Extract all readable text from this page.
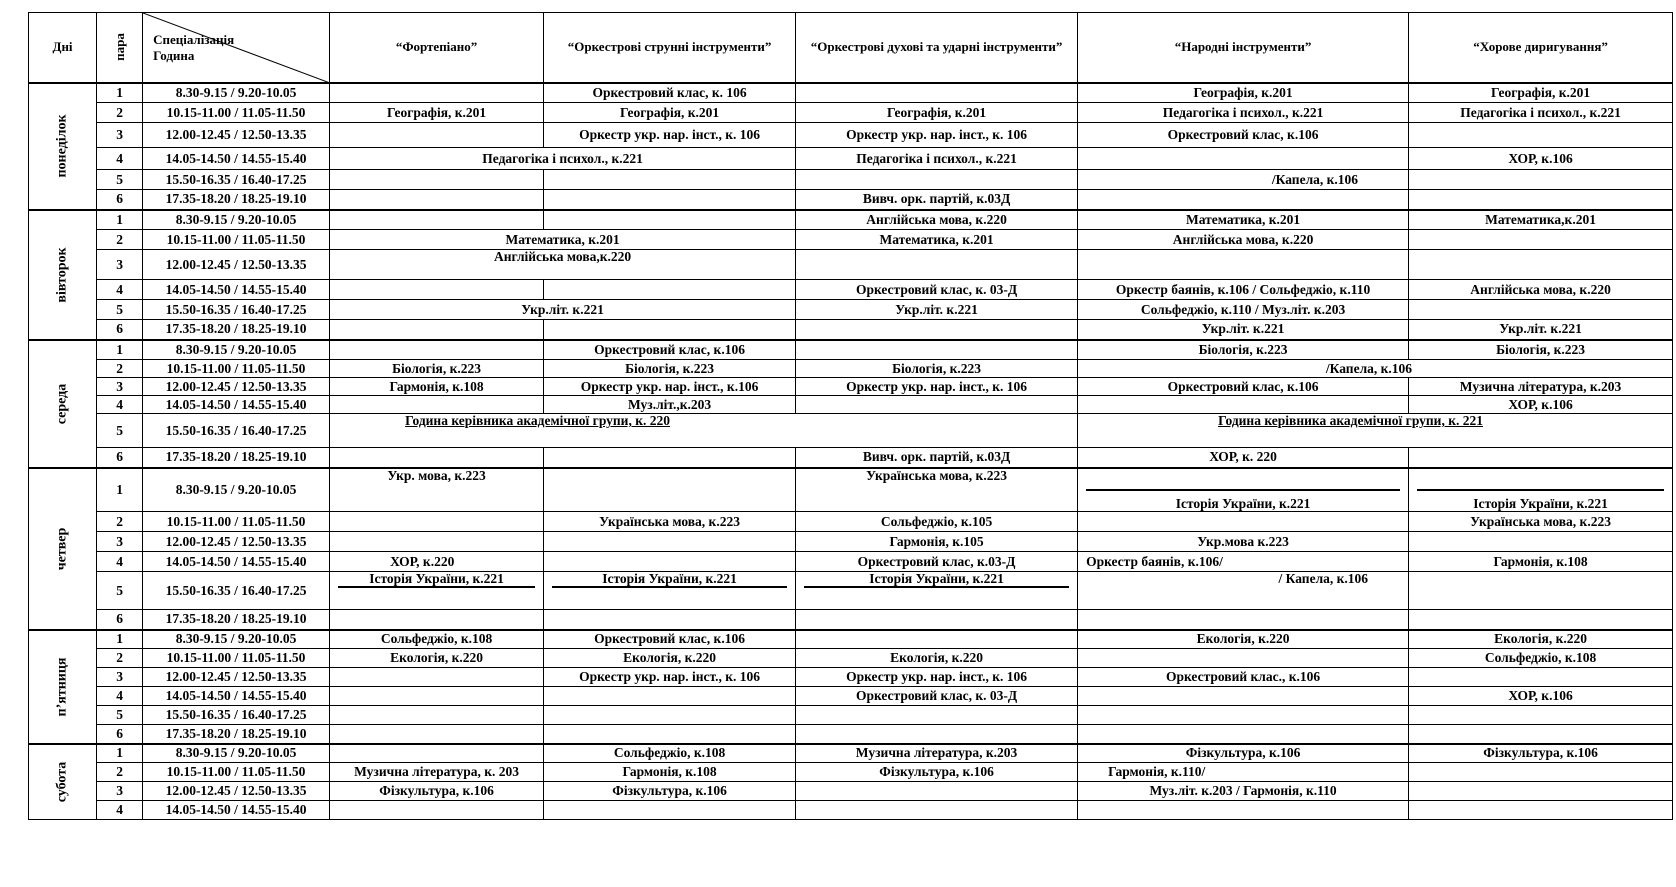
Дні	пара	Спеціалізація
Година	“Фортепіано”	“Оркестрові струнні інструменти”	“Оркестрові духові та ударні інструменти”	“Народні інструменти”	“Хорове диригування”
понеділок	1	8.30-9.15 / 9.20-10.05		Оркестровий клас, к. 106		Географія, к.201	Географія, к.201
	2	10.15-11.00 / 11.05-11.50	Географія, к.201	Географія, к.201	Географія, к.201	Педагогіка і психол., к.221	Педагогіка і психол., к.221
	3	12.00-12.45 / 12.50-13.35		Оркестр укр. нар. інст., к. 106	Оркестр укр. нар. інст., к. 106	Оркестровий клас, к.106	
	4	14.05-14.50 / 14.55-15.40	Педагогіка і психол., к.221		Педагогіка і психол., к.221		ХОР, к.106
	5	15.50-16.35 / 16.40-17.25				/Капела, к.106	
	6	17.35-18.20 / 18.25-19.10			Вивч. орк. партій, к.03Д		
вівторок	1	8.30-9.15 / 9.20-10.05			Англійська мова, к.220	Математика, к.201	Математика,к.201
	2	10.15-11.00 / 11.05-11.50	Математика, к.201		Математика, к.201	Англійська мова, к.220	
	3	12.00-12.45 / 12.50-13.35	Англійська мова,к.220				
	4	14.05-14.50 / 14.55-15.40			Оркестровий клас, к. 03-Д	Оркестр баянів, к.106 / Сольфеджіо, к.110	Англійська мова, к.220
	5	15.50-16.35 / 16.40-17.25	Укр.літ. к.221		Укр.літ. к.221	Сольфеджіо, к.110 / Муз.літ. к.203	
	6	17.35-18.20 / 18.25-19.10				Укр.літ. к.221	Укр.літ. к.221
середа	1	8.30-9.15 / 9.20-10.05		Оркестровий клас, к.106		Біологія, к.223	Біологія, к.223
	2	10.15-11.00 / 11.05-11.50	Біологія, к.223	Біологія, к.223	Біологія, к.223	/Капела, к.106	
	3	12.00-12.45 / 12.50-13.35	Гармонія, к.108	Оркестр укр. нар. інст., к.106	Оркестр укр. нар. інст., к. 106	Оркестровий клас, к.106	Музична література, к.203
	4	14.05-14.50 / 14.55-15.40		Муз.літ.,к.203			ХОР, к.106
	5	15.50-16.35 / 16.40-17.25	Година керівника академічної групи, к. 220			Година керівника академічної групи, к. 221	
	6	17.35-18.20 / 18.25-19.10			Вивч. орк. партій, к.03Д	ХОР, к. 220	
четвер	1	8.30-9.15 / 9.20-10.05	Укр. мова, к.223		Українська мова, к.223	Історія України, к.221	Історія України, к.221
	2	10.15-11.00 / 11.05-11.50		Українська мова, к.223	Сольфеджіо, к.105		Українська мова, к.223
	3	12.00-12.45 / 12.50-13.35			Гармонія, к.105	Укр.мова к.223	
	4	14.05-14.50 / 14.55-15.40	ХОР, к.220		Оркестровий клас, к.03-Д	Оркестр баянів, к.106/	Гармонія, к.108
	5	15.50-16.35 / 16.40-17.25	Історія України, к.221	Історія України, к.221	Історія України, к.221	/ Капела, к.106	
	6	17.35-18.20 / 18.25-19.10					
п’ятниця	1	8.30-9.15 / 9.20-10.05	Сольфеджіо, к.108	Оркестровий клас, к.106		Екологія, к.220	Екологія, к.220
	2	10.15-11.00 / 11.05-11.50	Екологія, к.220	Екологія, к.220	Екологія, к.220		Сольфеджіо, к.108
	3	12.00-12.45 / 12.50-13.35		Оркестр укр. нар. інст., к. 106	Оркестр укр. нар. інст., к. 106	Оркестровий клас., к.106	
	4	14.05-14.50 / 14.55-15.40			Оркестровий клас, к. 03-Д		ХОР, к.106
	5	15.50-16.35 / 16.40-17.25					
	6	17.35-18.20 / 18.25-19.10					
субота	1	8.30-9.15 / 9.20-10.05		Сольфеджіо, к.108	Музична література, к.203	Фізкультура, к.106	Фізкультура, к.106
	2	10.15-11.00 / 11.05-11.50	Музична література, к. 203	Гармонія, к.108	Фізкультура, к.106	Гармонія, к.110/	
	3	12.00-12.45 / 12.50-13.35	Фізкультура, к.106	Фізкультура, к.106		Муз.літ. к.203 / Гармонія, к.110	
	4	14.05-14.50 / 14.55-15.40					
